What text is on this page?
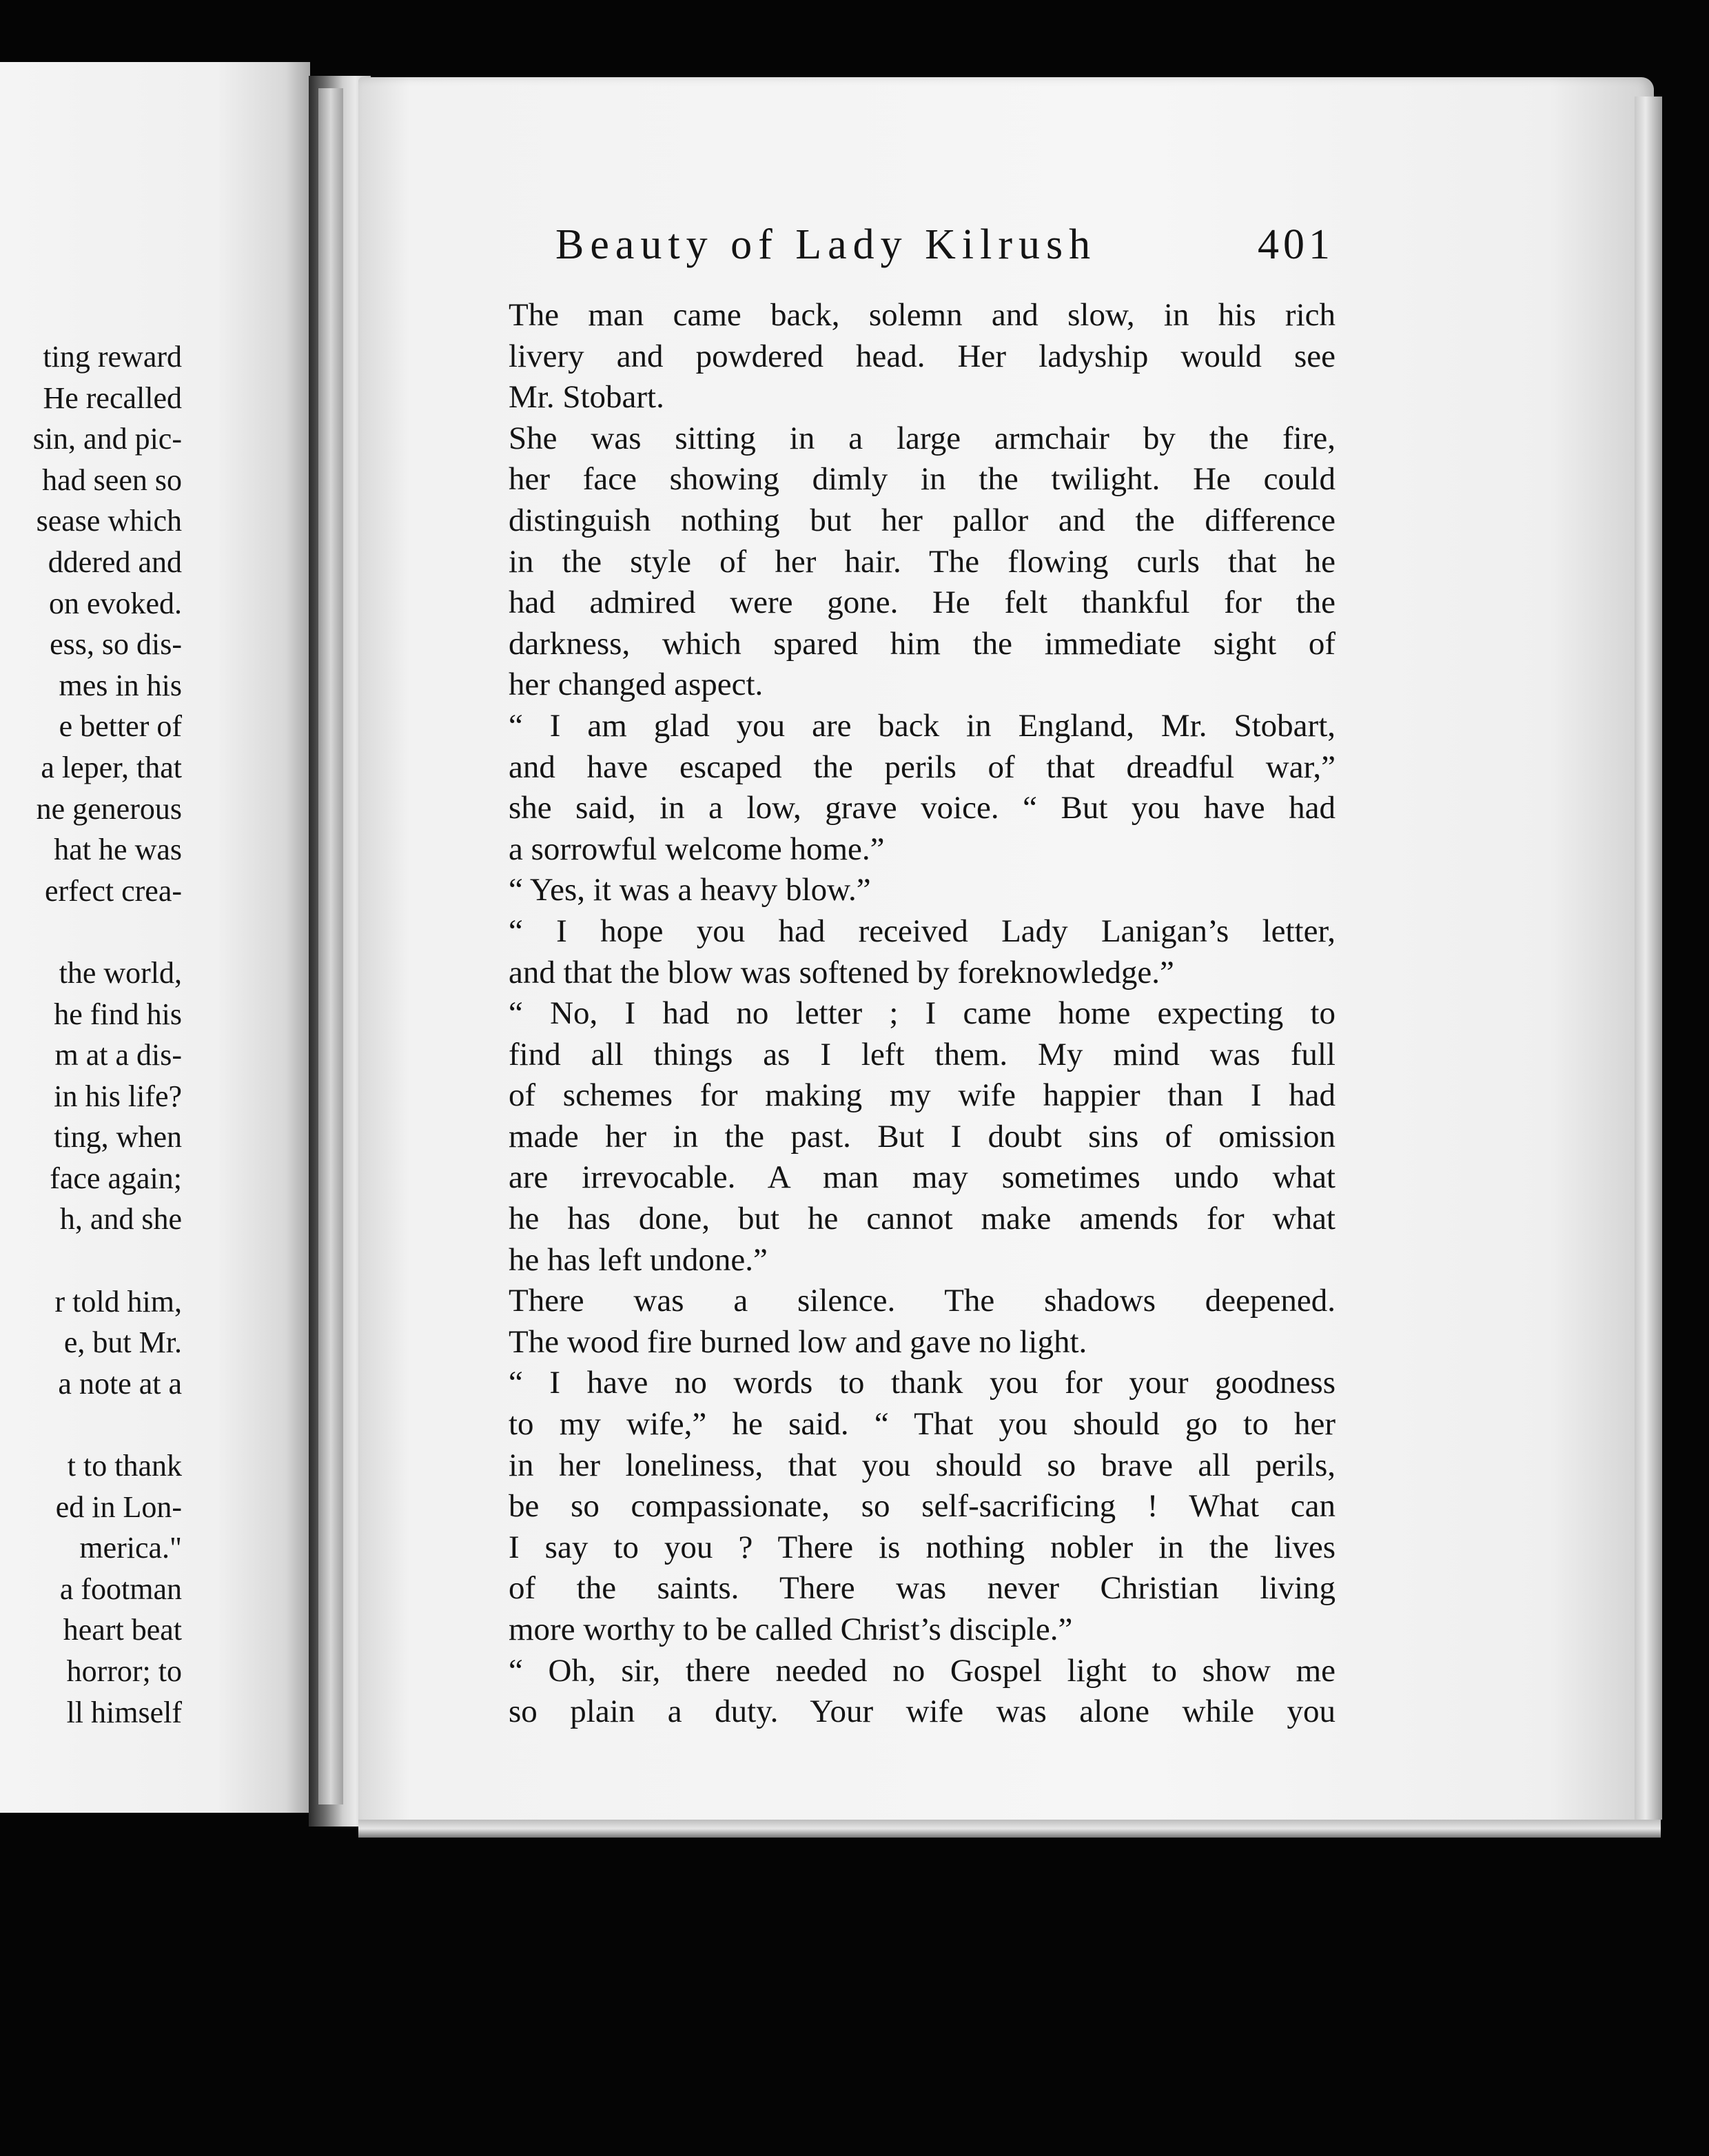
ting reward
He recalled
sin, and pic-
had seen so
sease which
ddered and
on evoked.
ess, so dis-
mes in his
e better of
a leper, that
ne generous
hat he was
erfect crea-
the world,
he find his
m at a dis-
in his life?
ting, when
face again;
h, and she
r told him,
e, but Mr.
a note at a
t to thank
ed in Lon-
merica."
a footman
heart beat
horror; to
ll himself
Beauty of Lady Kilrush	401
The man came back, solemn and slow, in his rich
livery and powdered head. Her ladyship would see
Mr. Stobart.
She was sitting in a large armchair by the fire,
her face showing dimly in the twilight. He could
distinguish nothing but her pallor and the difference
in the style of her hair. The flowing curls that he
had admired were gone. He felt thankful for the
darkness, which spared him the immediate sight of
her changed aspect.
“ I am glad you are back in England, Mr. Stobart,
and have escaped the perils of that dreadful war,”
she said, in a low, grave voice. “ But you have had
a sorrowful welcome home.”
“ Yes, it was a heavy blow.”
“ I hope you had received Lady Lanigan’s letter,
and that the blow was softened by foreknowledge.”
“ No, I had no letter ; I came home expecting to
find all things as I left them. My mind was full
of schemes for making my wife happier than I had
made her in the past. But I doubt sins of omission
are irrevocable. A man may sometimes undo what
he has done, but he cannot make amends for what
he has left undone.”
There was a silence. The shadows deepened.
The wood fire burned low and gave no light.
“ I have no words to thank you for your goodness
to my wife,” he said. “ That you should go to her
in her loneliness, that you should so brave all perils,
be so compassionate, so self-sacrificing ! What can
I say to you ? There is nothing nobler in the lives
of the saints. There was never Christian living
more worthy to be called Christ’s disciple.”
“ Oh, sir, there needed no Gospel light to show me
so plain a duty. Your wife was alone while you
